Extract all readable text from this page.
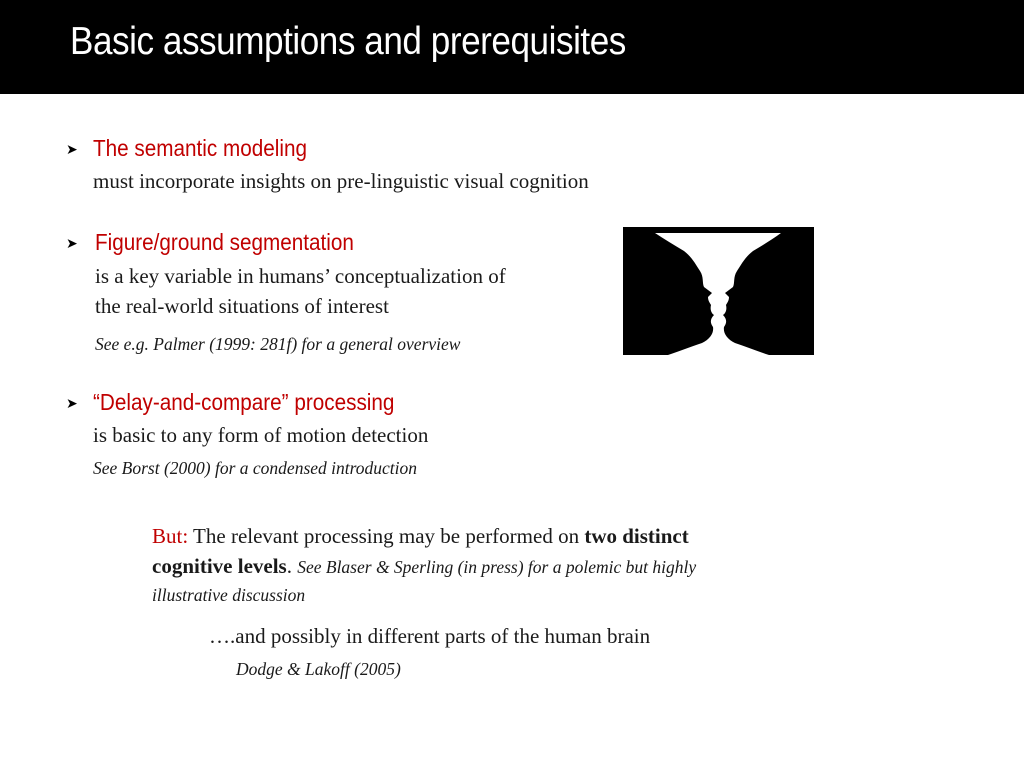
Basic assumptions and prerequisites
➤ The semantic modeling
must incorporate insights on pre-linguistic visual cognition
➤ Figure/ground segmentation
is a key variable in humans’ conceptualization of
the real-world situations of interest
See e.g. Palmer (1999: 281f) for a general overview
➤ “Delay-and-compare” processing
is basic to any form of motion detection
See Borst (2000) for a condensed introduction
But: The relevant processing may be performed on two distinct
cognitive levels. See Blaser & Sperling (in press) for a polemic but highly
illustrative discussion
….and possibly in different parts of the human brain
Dodge & Lakoff (2005)
